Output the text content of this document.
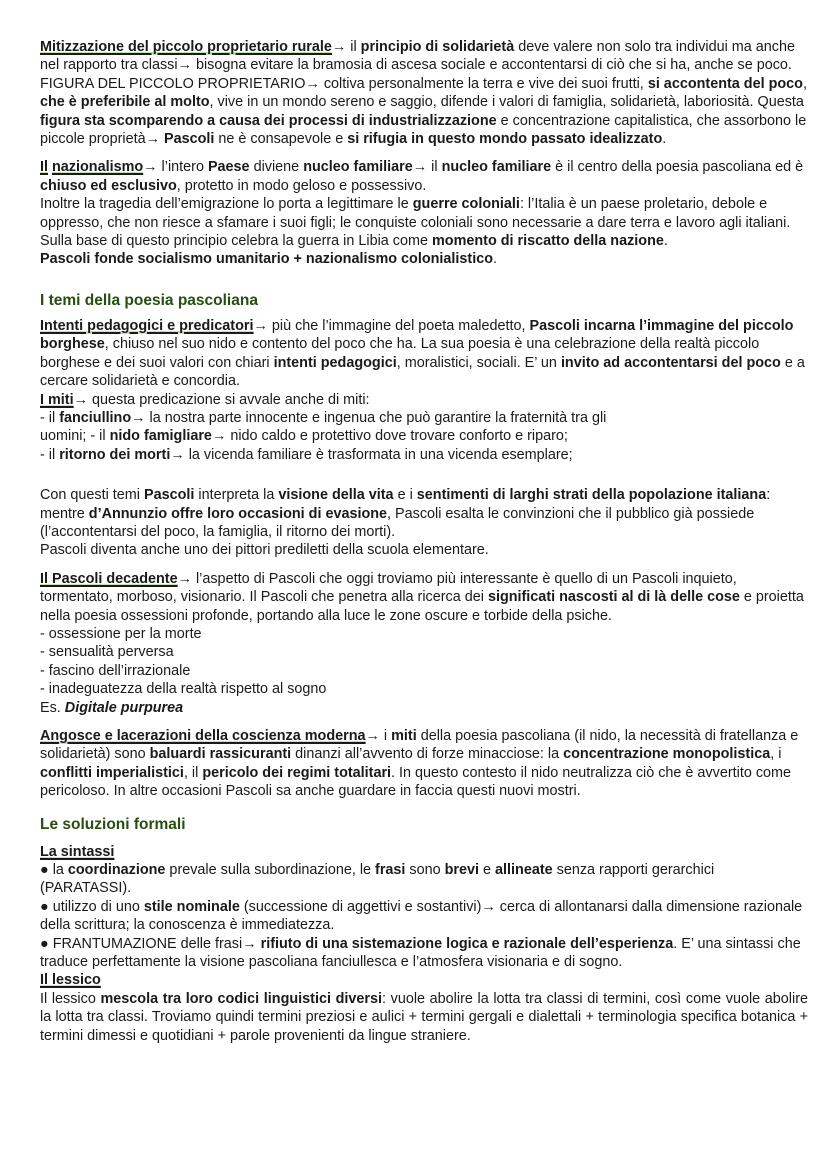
Mitizzazione del piccolo proprietario rurale→ il principio di solidarietà deve valere non solo tra individui ma anche nel rapporto tra classi→ bisogna evitare la bramosia di ascesa sociale e accontentarsi di ciò che si ha, anche se poco.

FIGURA DEL PICCOLO PROPRIETARIO→ coltiva personalmente la terra e vive dei suoi frutti, si accontenta del poco, che è preferibile al molto, vive in un mondo sereno e saggio, difende i valori di famiglia, solidarietà, laboriosità. Questa figura sta scomparendo a causa dei processi di industrializzazione e concentrazione capitalistica, che assorbono le piccole proprietà→ Pascoli ne è consapevole e si rifugia in questo mondo passato idealizzato.

Il nazionalismo→ l’intero Paese diviene nucleo familiare→ il nucleo familiare è il centro della poesia pascoliana ed è chiuso ed esclusivo, protetto in modo geloso e possessivo.

Inoltre la tragedia dell’emigrazione lo porta a legittimare le guerre coloniali: l’Italia è un paese proletario, debole e oppresso, che non riesce a sfamare i suoi figli; le conquiste coloniali sono necessarie a dare terra e lavoro agli italiani. Sulla base di questo principio celebra la guerra in Libia come momento di riscatto della nazione.

Pascoli fonde socialismo umanitario + nazionalismo colonialistico.

I temi della poesia pascoliana

Intenti pedagogici e predicatori→ più che l’immagine del poeta maledetto, Pascoli incarna l’immagine del piccolo borghese, chiuso nel suo nido e contento del poco che ha. La sua poesia è una celebrazione della realtà piccolo borghese e dei suoi valori con chiari intenti pedagogici, moralistici, sociali. E’ un invito ad accontentarsi del poco e a cercare solidarietà e concordia.

I miti→ questa predicazione si avvale anche di miti:

- il fanciullino→ la nostra parte innocente e ingenua che può garantire la fraternità tra gli

uomini; - il nido famigliare→ nido caldo e protettivo dove trovare conforto e riparo;

- il ritorno dei morti→ la vicenda familiare è trasformata in una vicenda esemplare;

Con questi temi Pascoli interpreta la visione della vita e i sentimenti di larghi strati della popolazione italiana: mentre d’Annunzio offre loro occasioni di evasione, Pascoli esalta le convinzioni che il pubblico già possiede (l’accontentarsi del poco, la famiglia, il ritorno dei morti).

Pascoli diventa anche uno dei pittori prediletti della scuola elementare.

Il Pascoli decadente→ l’aspetto di Pascoli che oggi troviamo più interessante è quello di un Pascoli inquieto, tormentato, morboso, visionario. Il Pascoli che penetra alla ricerca dei significati nascosti al di là delle cose e proietta nella poesia ossessioni profonde, portando alla luce le zone oscure e torbide della psiche.

- ossessione per la morte

- sensualità perversa

- fascino dell’irrazionale

- inadeguatezza della realtà rispetto al sogno

Es. Digitale purpurea

Angosce e lacerazioni della coscienza moderna→ i miti della poesia pascoliana (il nido, la necessità di fratellanza e solidarietà) sono baluardi rassicuranti dinanzi all’avvento di forze minacciose: la concentrazione monopolistica, i conflitti imperialistici, il pericolo dei regimi totalitari. In questo contesto il nido neutralizza ciò che è avvertito come pericoloso. In altre occasioni Pascoli sa anche guardare in faccia questi nuovi mostri.

Le soluzioni formali

La sintassi

● la coordinazione prevale sulla subordinazione, le frasi sono brevi e allineate senza rapporti gerarchici (PARATASSI).

● utilizzo di uno stile nominale (successione di aggettivi e sostantivi)→ cerca di allontanarsi dalla dimensione razionale della scrittura; la conoscenza è immediatezza.

● FRANTUMAZIONE delle frasi→ rifiuto di una sistemazione logica e razionale dell’esperienza. E’ una sintassi che traduce perfettamente la visione pascoliana fanciullesca e l’atmosfera visionaria e di sogno.

Il lessico

Il lessico mescola tra loro codici linguistici diversi: vuole abolire la lotta tra classi di termini, così come vuole abolire la lotta tra classi. Troviamo quindi termini preziosi e aulici + termini gergali e dialettali + terminologia specifica botanica + termini dimessi e quotidiani + parole provenienti da lingue straniere.
